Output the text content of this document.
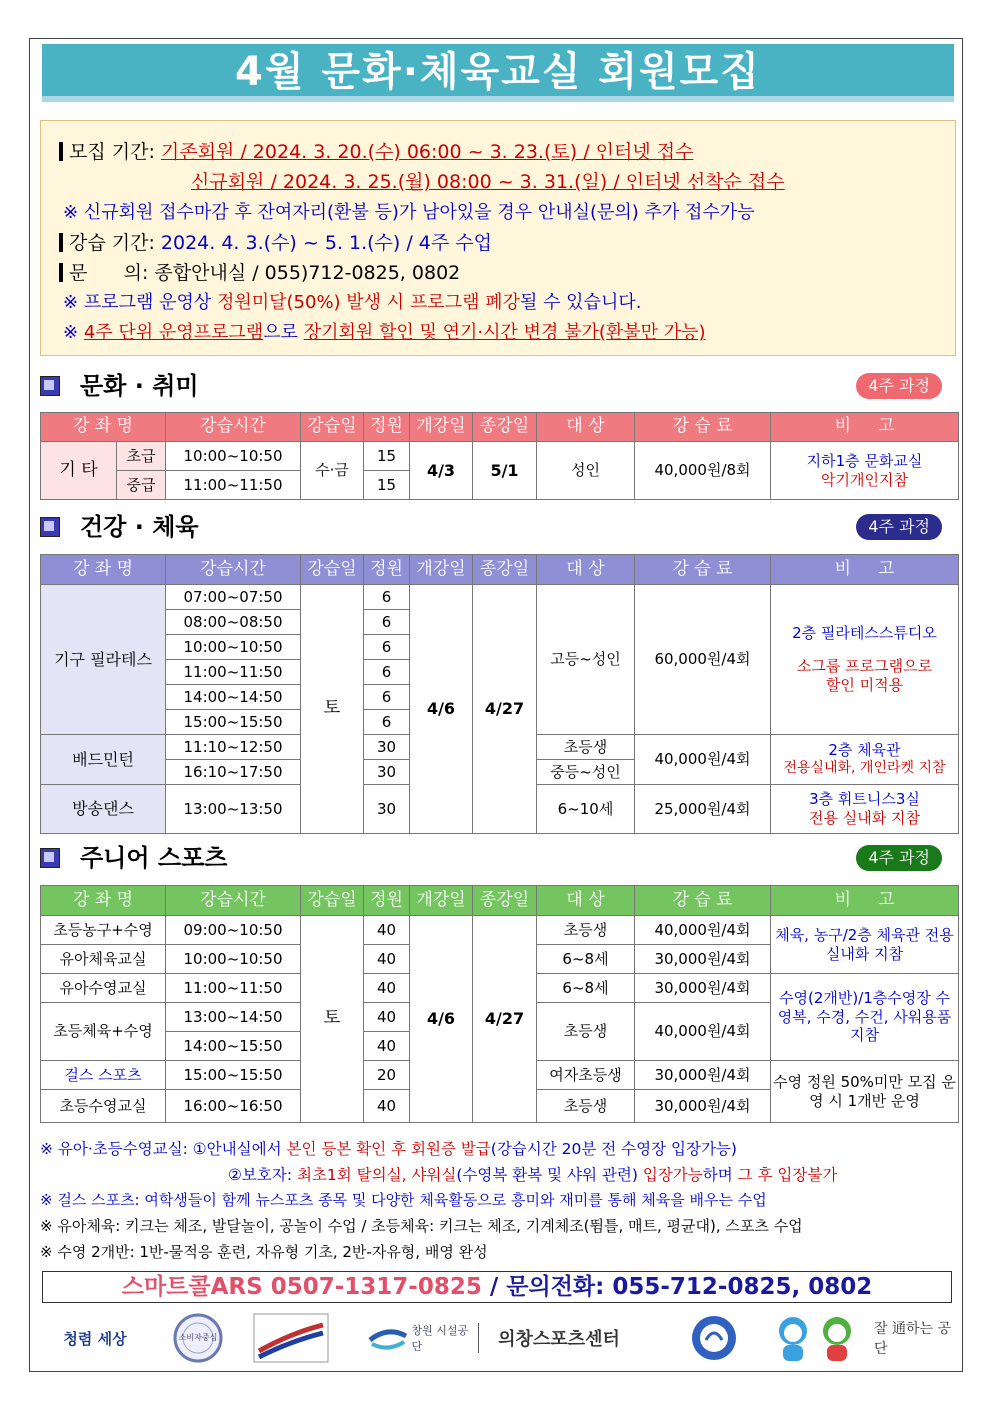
4월 문화·체육교실 회원모집
모집 기간: 기존회원 / 2024. 3. 20.(수) 06:00 ~ 3. 23.(토) / 인터넷 접수
신규회원 / 2024. 3. 25.(월) 08:00 ~ 3. 31.(일) / 인터넷 선착순 접수
※ 신규회원 접수마감 후 잔여자리(환불 등)가 남아있을 경우 안내실(문의) 추가 접수가능
강습 기간: 2024. 4. 3.(수) ~ 5. 1.(수) / 4주 수업
문      의: 종합안내실 / 055)712-0825, 0802
※ 프로그램 운영상 정원미달(50%) 발생 시 프로그램 폐강될 수 있습니다.
※ 4주 단위 운영프로그램으로 장기회원 할인 및 연기·시간 변경 불가(환불만 가능)
문화 · 취미	4주 과정
강 좌 명		강습시간	강습일	정원	개강일	종강일	대 상	강 습 료	비     고
기 타	초급	10:00~10:50	수·금	15	4/3	5/1	성인	40,000원/8회	지하1층 문화교실
악기개인지참

	중급	11:00~11:50		15					
건강 · 체육	4주 과정
강 좌 명	강습시간	강습일	정원	개강일	종강일	대 상	강 습 료	비     고
기구 필라테스	07:00~07:50	토	6	4/6	4/27	고등~성인	60,000원/4회	2층 필라테스스튜디오
소그룹 프로그램으로 할인 미적용

	08:00~08:50		6					
	10:00~10:50		6					
	11:00~11:50		6					
	14:00~14:50		6					
	15:00~15:50		6					
배드민턴	11:10~12:50		30			초등생	40,000원/4회	2층 체육관
전용실내화, 개인라켓 지참

	16:10~17:50		30			중등~성인		
방송댄스	13:00~13:50		30			6~10세	25,000원/4회	3층 휘트니스3실
전용 실내화 지참
주니어 스포츠	4주 과정
강 좌 명	강습시간	강습일	정원	개강일	종강일	대 상	강 습 료	비     고
초등농구+수영	09:00~10:50	토	40	4/6	4/27	초등생	40,000원/4회	체육, 농구/2층 체육관 전용 실내화 지참

유아체육교실	10:00~10:50		40			6~8세	30,000원/4회	
유아수영교실	11:00~11:50		40			6~8세	30,000원/4회	수영(2개반)/1층수영장 수영복, 수경, 수건, 사워용품 지참

초등체육+수영	13:00~14:50		40			초등생	40,000원/4회	
	14:00~15:50		40					
걸스 스포츠	15:00~15:50		20			여자초등생	30,000원/4회	수영 정원 50%미만 모집 운영 시 1개반 운영

초등수영교실	16:00~16:50		40			초등생	30,000원/4회	
※ 유아·초등수영교실: ①안내실에서 본인 등본 확인 후 회원증 발급(강습시간 20분 전 수영장 입장가능)
②보호자: 최초1회 탈의실, 샤워실(수영복 환복 및 샤워 관련) 입장가능하며 그 후 입장불가
※ 걸스 스포츠: 여학생들이 함께 뉴스포츠 종목 및 다양한 체육활동으로 흥미와 재미를 통해 체육을 배우는 수업
※ 유아체육: 키크는 체조, 발달놀이, 공놀이 수업 / 초등체육: 키크는 체조, 기계체조(뜀틀, 매트, 평균대), 스포츠 수업
※ 수영 2개반: 1반-물적응 훈련, 자유형 기초, 2반-자유형, 배영 완성
스마트콜ARS 0507-1317-0825 / 문의전화: 055-712-0825, 0802
청렴 세상	소비자중심
창원 시설공단	의창스포츠센터	잘 通하는 공단
